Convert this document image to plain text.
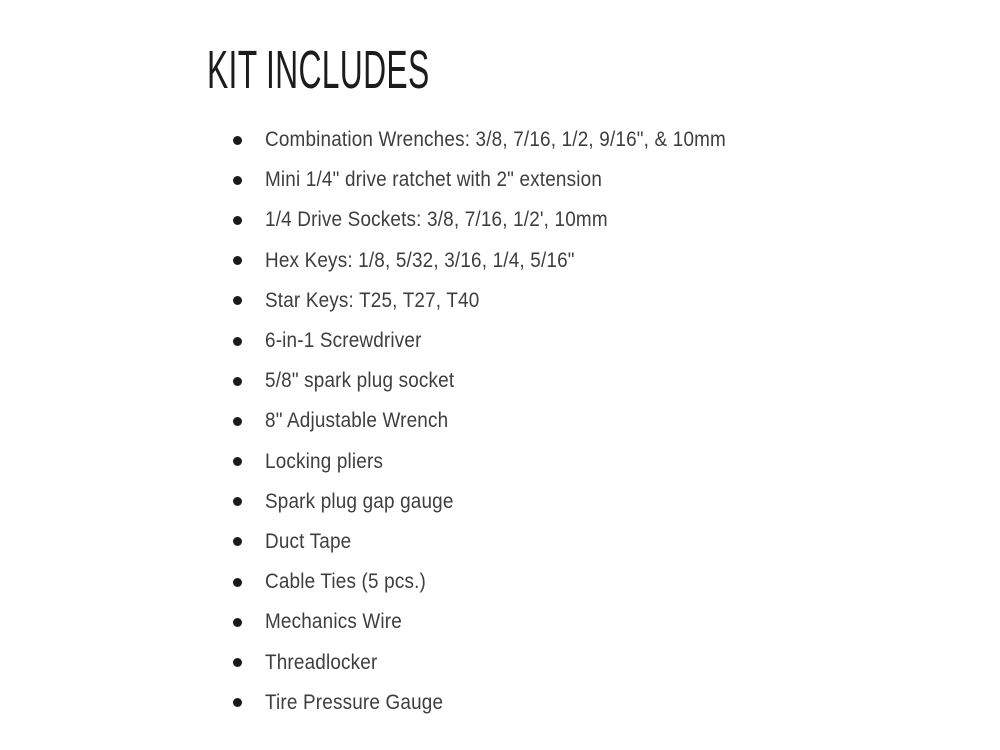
KIT INCLUDES
Combination Wrenches: 3/8, 7/16, 1/2, 9/16", & 10mm
Mini 1/4" drive ratchet with 2" extension
1/4 Drive Sockets: 3/8, 7/16, 1/2', 10mm
Hex Keys: 1/8, 5/32, 3/16, 1/4, 5/16"
Star Keys: T25, T27, T40
6-in-1 Screwdriver
5/8" spark plug socket
8" Adjustable Wrench
Locking pliers
Spark plug gap gauge
Duct Tape
Cable Ties (5 pcs.)
Mechanics Wire
Threadlocker
Tire Pressure Gauge
